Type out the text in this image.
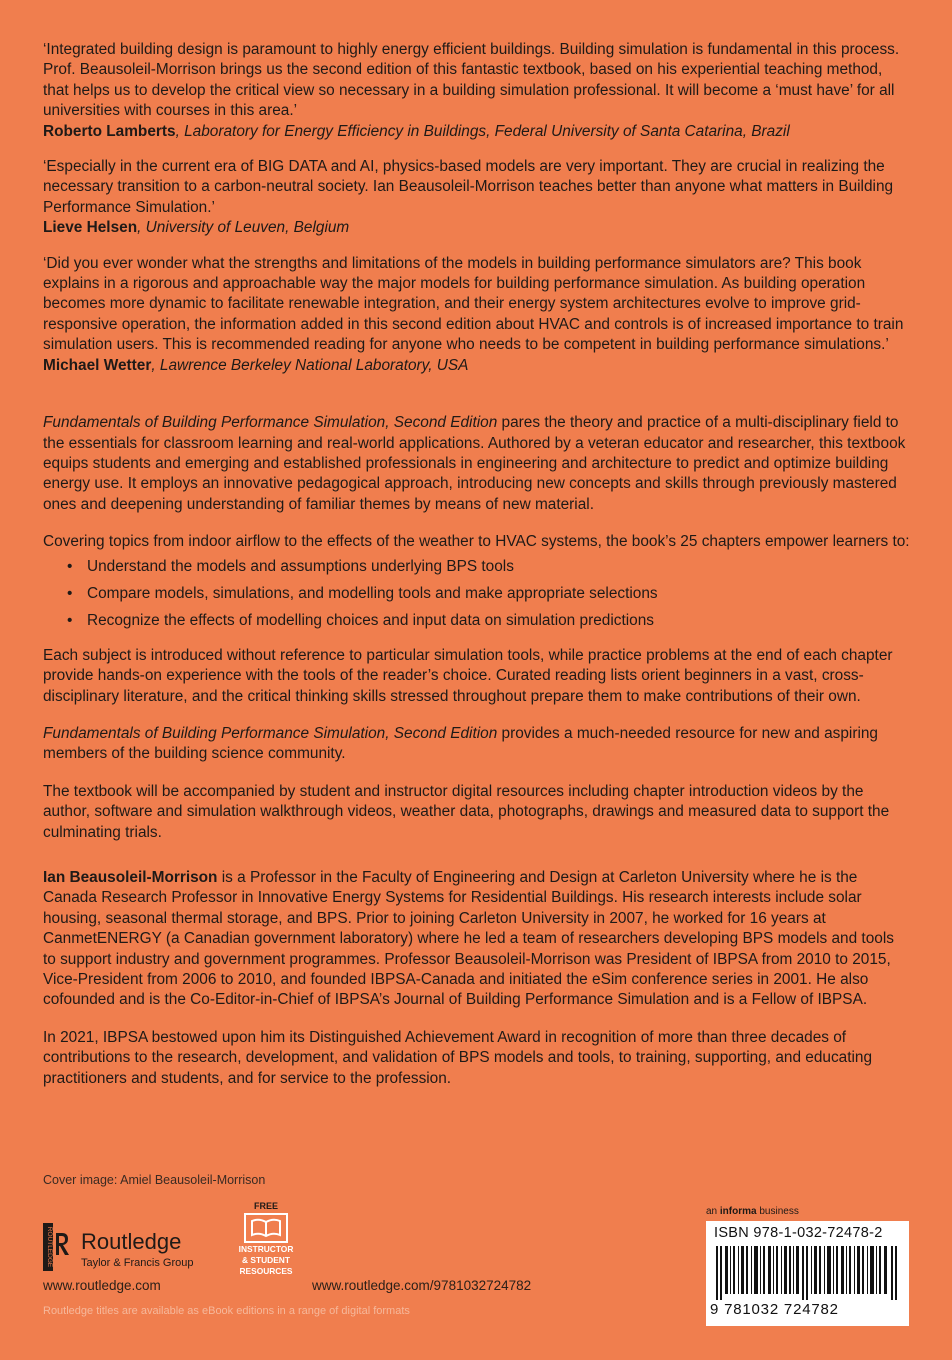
‘Integrated building design is paramount to highly energy efficient buildings. Building simulation is fundamental in this process. Prof. Beausoleil-Morrison brings us the second edition of this fantastic textbook, based on his experiential teaching method, that helps us to develop the critical view so necessary in a building simulation professional. It will become a ‘must have’ for all universities with courses in this area.’

Roberto Lamberts, Laboratory for Energy Efficiency in Buildings, Federal University of Santa Catarina, Brazil

‘Especially in the current era of BIG DATA and AI, physics-based models are very important. They are crucial in realizing the necessary transition to a carbon-neutral society. Ian Beausoleil-Morrison teaches better than anyone what matters in Building Performance Simulation.’

Lieve Helsen, University of Leuven, Belgium

‘Did you ever wonder what the strengths and limitations of the models in building performance simulators are? This book explains in a rigorous and approachable way the major models for building performance simulation. As building operation becomes more dynamic to facilitate renewable integration, and their energy system architectures evolve to improve grid-responsive operation, the information added in this second edition about HVAC and controls is of increased importance to train simulation users. This is recommended reading for anyone who needs to be competent in building performance simulations.’

Michael Wetter, Lawrence Berkeley National Laboratory, USA

Fundamentals of Building Performance Simulation, Second Edition pares the theory and practice of a multi-disciplinary field to the essentials for classroom learning and real-world applications. Authored by a veteran educator and researcher, this textbook equips students and emerging and established professionals in engineering and architecture to predict and optimize building energy use. It employs an innovative pedagogical approach, introducing new concepts and skills through previously mastered ones and deepening understanding of familiar themes by means of new material.

Covering topics from indoor airflow to the effects of the weather to HVAC systems, the book’s 25 chapters empower learners to:

• Understand the models and assumptions underlying BPS tools
• Compare models, simulations, and modelling tools and make appropriate selections
• Recognize the effects of modelling choices and input data on simulation predictions

Each subject is introduced without reference to particular simulation tools, while practice problems at the end of each chapter provide hands-on experience with the tools of the reader’s choice. Curated reading lists orient beginners in a vast, cross-disciplinary literature, and the critical thinking skills stressed throughout prepare them to make contributions of their own.

Fundamentals of Building Performance Simulation, Second Edition provides a much-needed resource for new and aspiring members of the building science community.

The textbook will be accompanied by student and instructor digital resources including chapter introduction videos by the author, software and simulation walkthrough videos, weather data, photographs, drawings and measured data to support the culminating trials.

Ian Beausoleil-Morrison is a Professor in the Faculty of Engineering and Design at Carleton University where he is the Canada Research Professor in Innovative Energy Systems for Residential Buildings. His research interests include solar housing, seasonal thermal storage, and BPS. Prior to joining Carleton University in 2007, he worked for 16 years at CanmetENERGY (a Canadian government laboratory) where he led a team of researchers developing BPS models and tools to support industry and government programmes. Professor Beausoleil-Morrison was President of IBPSA from 2010 to 2015, Vice-President from 2006 to 2010, and founded IBPSA-Canada and initiated the eSim conference series in 2001. He also cofounded and is the Co-Editor-in-Chief of IBPSA’s Journal of Building Performance Simulation and is a Fellow of IBPSA.

In 2021, IBPSA bestowed upon him its Distinguished Achievement Award in recognition of more than three decades of contributions to the research, development, and validation of BPS models and tools, to training, supporting, and educating practitioners and students, and for service to the profession.

Cover image: Amiel Beausoleil-Morrison
an informa business
ISBN 978-1-032-72478-2
9 781032 724782
ROUTLEDGE Routledge
Taylor & Francis Group
FREE
INSTRUCTOR
& STUDENT
RESOURCES
www.routledge.com	www.routledge.com/9781032724782
Routledge titles are available as eBook editions in a range of digital formats
